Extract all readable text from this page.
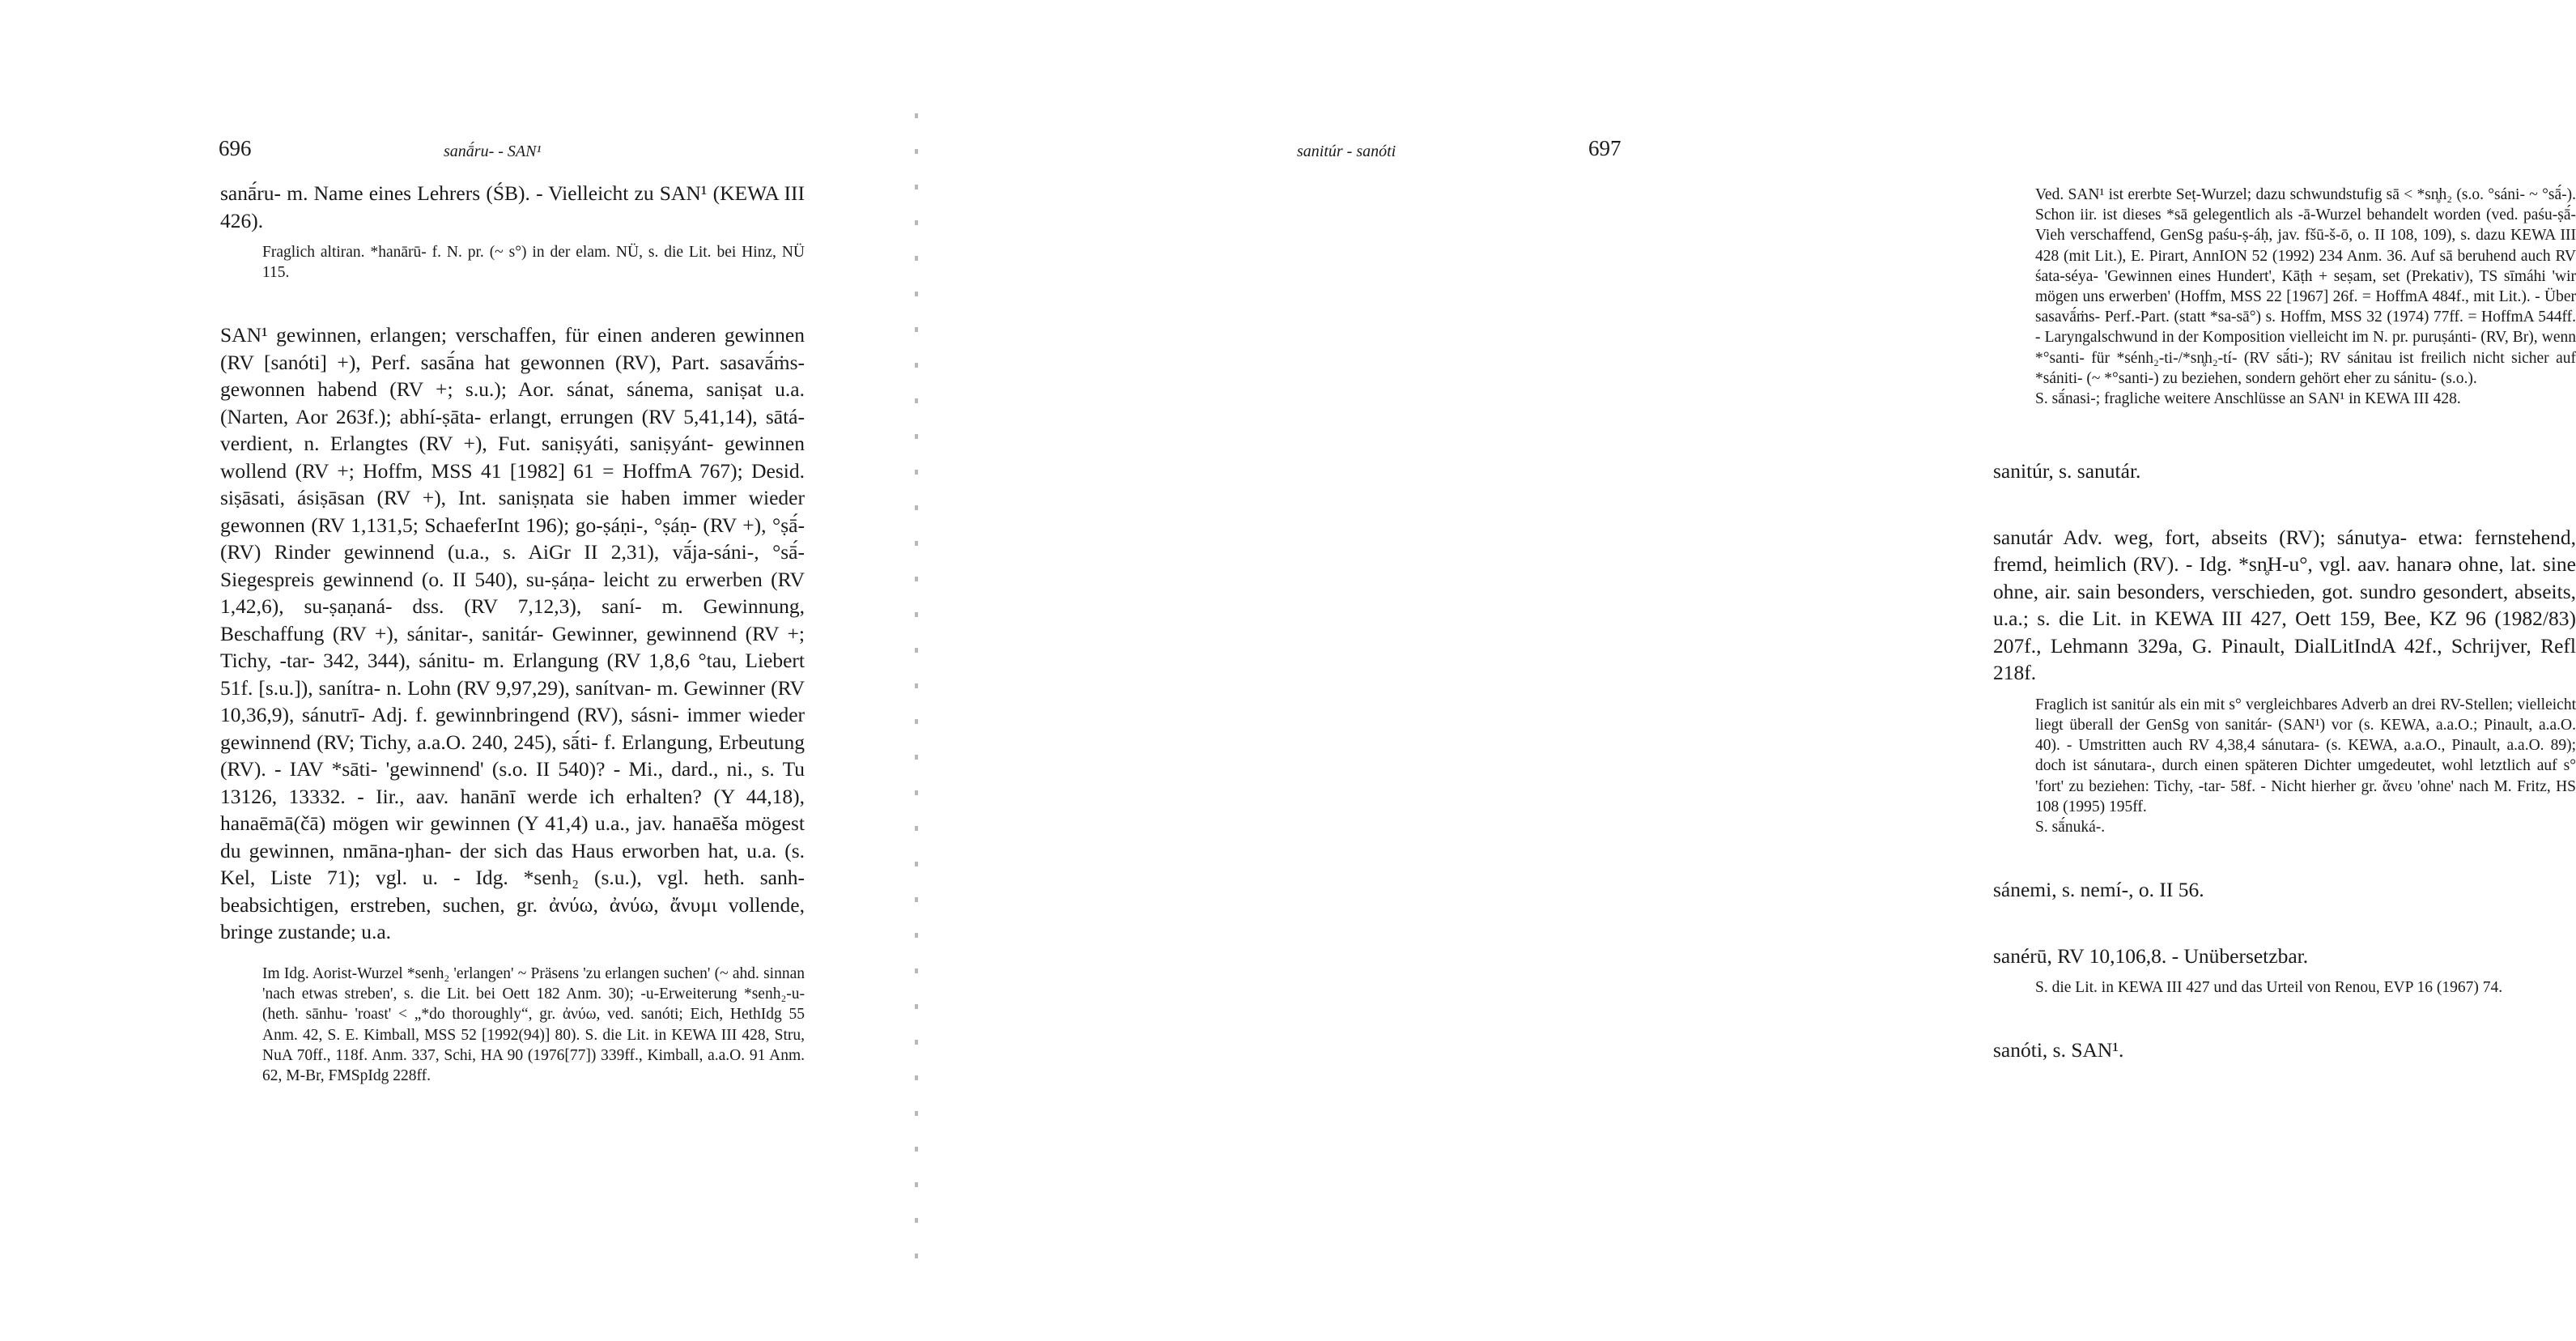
696	sanā́ru- - SAN¹

sanā́ru- m. Name eines Lehrers (ŚB). - Vielleicht zu SAN¹ (KEWA III 426).

Fraglich altiran. *hanārū- f. N. pr. (~ s°) in der elam. NÜ, s. die Lit. bei Hinz, NÜ 115.

SAN¹ gewinnen, erlangen; verschaffen, für einen anderen gewinnen (RV [sanóti] +), Perf. sasā́na hat gewonnen (RV), Part. sasavā́ṁs- gewonnen habend (RV +; s.u.); Aor. sánat, sánema, saniṣat u.a. (Narten, Aor 263f.); abhí-ṣāta- erlangt, errungen (RV 5,41,14), sātá- verdient, n. Erlangtes (RV +), Fut. saniṣyáti, saniṣyánt- gewinnen wollend (RV +; Hoffm, MSS 41 [1982] 61 = HoffmA 767); Desid. siṣāsati, ásiṣāsan (RV +), Int. saniṣṇata sie haben immer wieder gewonnen (RV 1,131,5; SchaeferInt 196); go-ṣáṇi-, °ṣáṇ- (RV +), °ṣā́- (RV) Rinder gewinnend (u.a., s. AiGr II 2,31), vā́ja-sáni-, °sā́- Siegespreis gewinnend (o. II 540), su-ṣáṇa- leicht zu erwerben (RV 1,42,6), su-ṣaṇaná- dss. (RV 7,12,3), saní- m. Gewinnung, Beschaffung (RV +), sánitar-, sanitár- Gewinner, gewinnend (RV +; Tichy, -tar- 342, 344), sánitu- m. Erlangung (RV 1,8,6 °tau, Liebert 51f. [s.u.]), sanítra- n. Lohn (RV 9,97,29), sanítvan- m. Gewinner (RV 10,36,9), sánutrī- Adj. f. gewinnbringend (RV), sásni- immer wieder gewinnend (RV; Tichy, a.a.O. 240, 245), sā́ti- f. Erlangung, Erbeutung (RV). - IAV *sāti- 'gewinnend' (s.o. II 540)? - Mi., dard., ni., s. Tu 13126, 13332. - Iir., aav. hanānī werde ich erhalten? (Y 44,18), hanaēmā(čā) mögen wir gewinnen (Y 41,4) u.a., jav. hanaēša mögest du gewinnen, nmāna-ŋhan- der sich das Haus erworben hat, u.a. (s. Kel, Liste 71); vgl. u. - Idg. *senh₂ (s.u.), vgl. heth. sanh- beabsichtigen, erstreben, suchen, gr. ἀνύω, ἀνύω, ἄνυμι vollende, bringe zustande; u.a.

Im Idg. Aorist-Wurzel *senh₂ 'erlangen' ~ Präsens 'zu erlangen suchen' (~ ahd. sinnan 'nach etwas streben', s. die Lit. bei Oett 182 Anm. 30); -u-Erweiterung *senh₂-u- (heth. sānhu- 'roast' < „*do thoroughly“, gr. ἀνύω, ved. sanóti; Eich, HethIdg 55 Anm. 42, S. E. Kimball, MSS 52 [1992(94)] 80). S. die Lit. in KEWA III 428, Stru, NuA 70ff., 118f. Anm. 337, Schi, HA 90 (1976[77]) 339ff., Kimball, a.a.O. 91 Anm. 62, M-Br, FMSpIdg 228ff.

sanitúr - sanóti	697

Ved. SAN¹ ist ererbte Seṭ-Wurzel; dazu schwundstufig sā < *sn̥h₂ (s.o. °sáni- ~ °sā́-). Schon iir. ist dieses *sā gelegentlich als -ā-Wurzel behandelt worden (ved. paśu-ṣā́- Vieh verschaffend, GenSg paśu-ṣ-áḥ, jav. fšū-š-ō, o. II 108, 109), s. dazu KEWA III 428 (mit Lit.), E. Pirart, AnnION 52 (1992) 234 Anm. 36. Auf sā beruhend auch RV śata-séya- 'Gewinnen eines Hundert', Kāṭh + seṣam, set (Prekativ), TS sīmáhi 'wir mögen uns erwerben' (Hoffm, MSS 22 [1967] 26f. = HoffmA 484f., mit Lit.). - Über sasavā́ṁs- Perf.-Part. (statt *sa-sā°) s. Hoffm, MSS 32 (1974) 77ff. = HoffmA 544ff. - Laryngalschwund in der Komposition vielleicht im N. pr. puruṣánti- (RV, Br), wenn *°santi- für *sénh₂-ti-/*sn̥h₂-tí- (RV sā́ti-); RV sánitau ist freilich nicht sicher auf *sániti- (~ *°santi-) zu beziehen, sondern gehört eher zu sánitu- (s.o.).

S. sā́nasi-; fragliche weitere Anschlüsse an SAN¹ in KEWA III 428.

sanitúr, s. sanutár.

sanutár Adv. weg, fort, abseits (RV); sánutya- etwa: fernstehend, fremd, heimlich (RV). - Idg. *sn̥H-u°, vgl. aav. hanarə ohne, lat. sine ohne, air. sain besonders, verschieden, got. sundro gesondert, abseits, u.a.; s. die Lit. in KEWA III 427, Oett 159, Bee, KZ 96 (1982/83) 207f., Lehmann 329a, G. Pinault, DialLitIndA 42f., Schrijver, Refl 218f.

Fraglich ist sanitúr als ein mit s° vergleichbares Adverb an drei RV-Stellen; vielleicht liegt überall der GenSg von sanitár- (SAN¹) vor (s. KEWA, a.a.O.; Pinault, a.a.O. 40). - Umstritten auch RV 4,38,4 sánutara- (s. KEWA, a.a.O., Pinault, a.a.O. 89); doch ist sánutara-, durch einen späteren Dichter umgedeutet, wohl letztlich auf s° 'fort' zu beziehen: Tichy, -tar- 58f. - Nicht hierher gr. ἄνευ 'ohne' nach M. Fritz, HS 108 (1995) 195ff.

S. sā́nuká-.

sánemi, s. nemí-, o. II 56.

sanérū, RV 10,106,8. - Unübersetzbar.

S. die Lit. in KEWA III 427 und das Urteil von Renou, EVP 16 (1967) 74.

sanóti, s. SAN¹.
